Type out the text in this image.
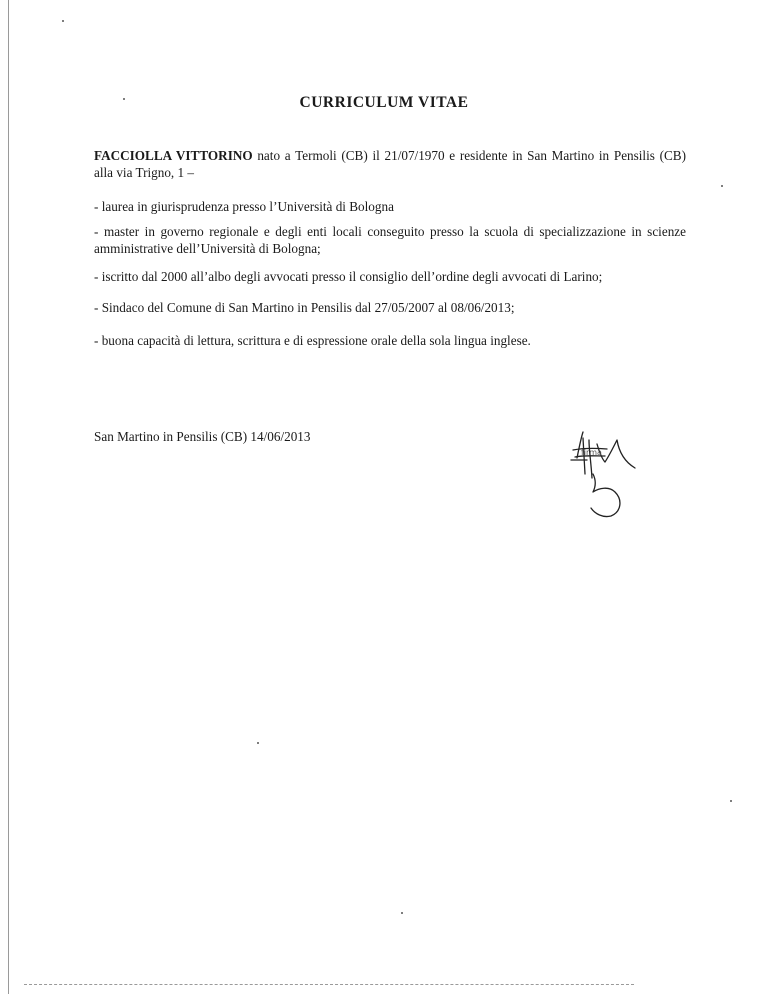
CURRICULUM VITAE
FACCIOLLA VITTORINO nato a Termoli (CB) il 21/07/1970 e residente in San Martino in Pensilis (CB) alla via Trigno, 1 –

- laurea in giurisprudenza presso l’Università di Bologna

- master in governo regionale e degli enti locali conseguito presso la scuola di specializzazione in scienze amministrative dell’Università di Bologna;

- iscritto dal 2000 all’albo degli avvocati presso il consiglio dell’ordine degli avvocati di Larino;

- Sindaco del Comune di San Martino in Pensilis dal 27/05/2007 al 08/06/2013;

- buona capacità di lettura, scrittura e di espressione orale della sola lingua inglese.

San Martino in Pensilis (CB) 14/06/2013
firma
